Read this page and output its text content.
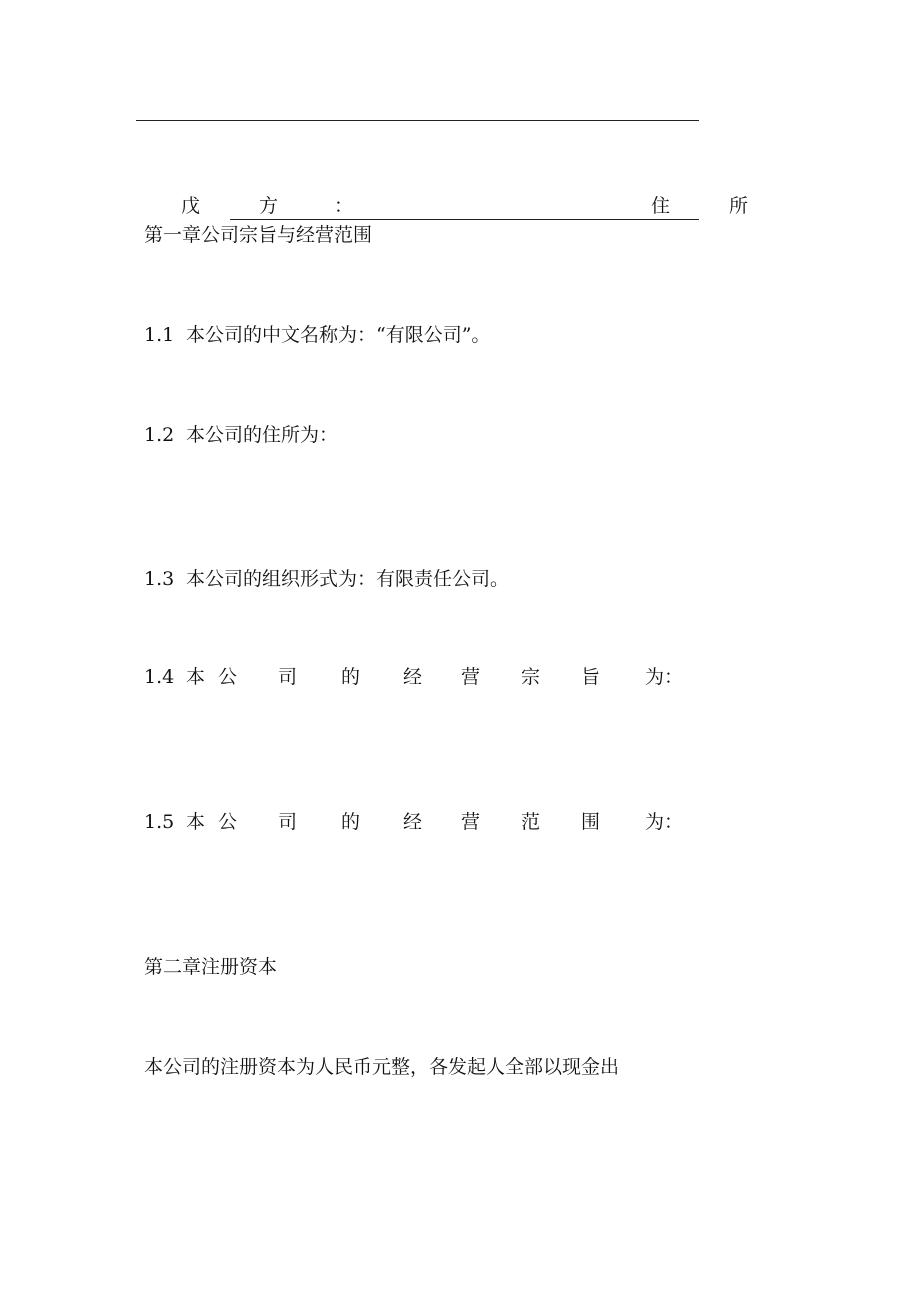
戊	方	：	住	所
第一章公司宗旨与经营范围
1.1 本公司的中文名称为：“有限公司”。
1.2 本公司的住所为：
1.3 本公司的组织形式为：有限责任公司。
1.4 本 公 司 的 经 营 宗 旨 为：
1.5 本 公 司 的 经 营 范 围 为：
第二章注册资本
本公司的注册资本为人民币元整，各发起人全部以现金出
